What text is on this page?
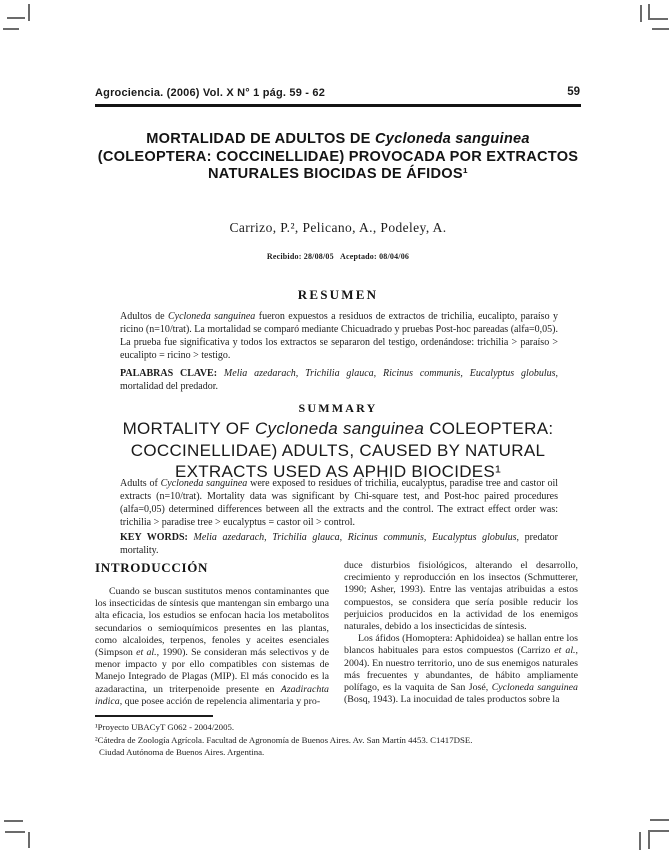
Agrociencia. (2006) Vol. X N° 1 pág. 59 - 62	59
MORTALIDAD DE ADULTOS DE Cycloneda sanguinea
(COLEOPTERA: COCCINELLIDAE) PROVOCADA POR EXTRACTOS
NATURALES BIOCIDAS DE ÁFIDOS¹
Carrizo, P.², Pelicano, A., Podeley, A.
Recibido: 28/08/05   Aceptado: 08/04/06
RESUMEN
Adultos de Cycloneda sanguinea fueron expuestos a residuos de extractos de trichilia, eucalipto, paraíso y ricino (n=10/trat). La mortalidad se comparó mediante Chicuadrado y pruebas Post-hoc pareadas (alfa=0,05). La prueba fue significativa y todos los extractos se separaron del testigo, ordenándose: trichilia > paraíso > eucalipto = ricino > testigo.
PALABRAS CLAVE: Melia azedarach, Trichilia glauca, Ricinus communis, Eucalyptus globulus, mortalidad del predador.
SUMMARY
MORTALITY OF Cycloneda sanguinea COLEOPTERA:
COCCINELLIDAE) ADULTS, CAUSED BY NATURAL
EXTRACTS USED AS APHID BIOCIDES¹
Adults of Cycloneda sanguinea were exposed to residues of trichilia, eucalyptus, paradise tree and castor oil extracts (n=10/trat). Mortality data was significant by Chi-square test, and Post-hoc paired procedures (alfa=0,05) determined differences between all the extracts and the control. The extract effect order was: trichilia > paradise tree > eucalyptus = castor oil > control.
KEY WORDS: Melia azedarach, Trichilia glauca, Ricinus communis, Eucalyptus globulus, predator mortality.
INTRODUCCIÓN

Cuando se buscan sustitutos menos contaminantes que los insecticidas de síntesis que mantengan sin embargo una alta eficacia, los estudios se enfocan hacia los metabolitos secundarios o semioquímicos presentes en las plantas, como alcaloides, terpenos, fenoles y aceites esenciales (Simpson et al., 1990). Se consideran más selectivos y de menor impacto y por ello compatibles con sistemas de Manejo Integrado de Plagas (MIP). El más conocido es la azadaractina, un triterpenoide presente en Azadirachta indica, que posee acción de repelencia alimentaria y pro-

duce disturbios fisiológicos, alterando el desarrollo, crecimiento y reproducción en los insectos (Schmutterer, 1990; Asher, 1993). Entre las ventajas atribuidas a estos compuestos, se considera que sería posible reducir los perjuicios producidos en la actividad de los enemigos naturales, debido a los insecticidas de síntesis.

Los áfidos (Homoptera: Aphidoidea) se hallan entre los blancos habituales para estos compuestos (Carrizo et al., 2004). En nuestro territorio, uno de sus enemigos naturales más frecuentes y abundantes, de hábito ampliamente polífago, es la vaquita de San José, Cycloneda sanguinea (Bosq, 1943). La inocuidad de tales productos sobre la

¹Proyecto UBACyT G062 - 2004/2005.
²Cátedra de Zoología Agrícola. Facultad de Agronomía de Buenos Aires. Av. San Martín 4453. C1417DSE.
Ciudad Autónoma de Buenos Aires. Argentina.
